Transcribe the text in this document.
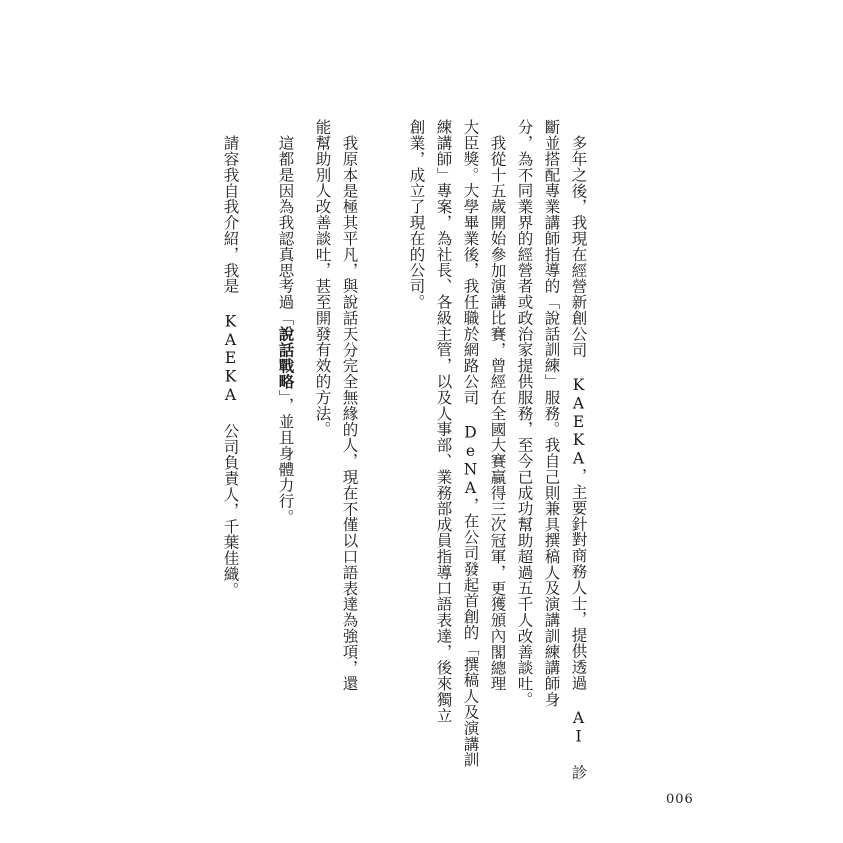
多年之後，我現在經營新創公司 KAEKA，主要針對商務人士，提供透過 AI 診
斷並搭配專業講師指導的「說話訓練」服務。我自己則兼具撰稿人及演講訓練講師身
分，為不同業界的經營者或政治家提供服務，至今已成功幫助超過五千人改善談吐。
我從十五歲開始參加演講比賽，曾經在全國大賽贏得三次冠軍，更獲頒內閣總理
大臣獎。大學畢業後，我任職於網路公司 DeNA，在公司發起首創的「撰稿人及演講訓
練講師」專案，為社長、各級主管，以及人事部、業務部成員指導口語表達，後來獨立
創業，成立了現在的公司。
我原本是極其平凡，與說話天分完全無緣的人，現在不僅以口語表達為強項，還
能幫助別人改善談吐，甚至開發有效的方法。
這都是因為我認真思考過「說話戰略」，並且身體力行。
請容我自我介紹，我是 KAEKA 公司負責人，千葉佳織。
006
